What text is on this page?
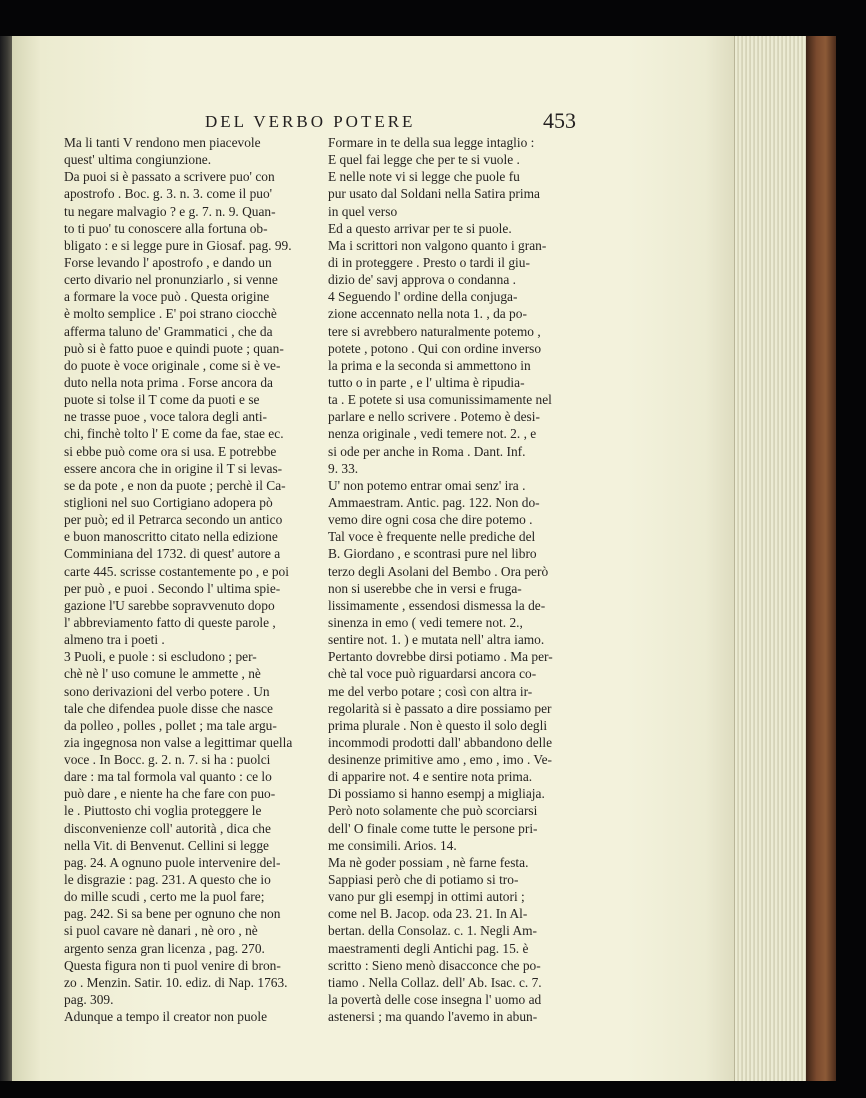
DEL VERBO POTERE	453
Ma li tanti V rendono men piacevole
quest' ultima congiunzione.
Da puoi si è passato a scrivere puo' con
apostrofo . Boc. g. 3. n. 3. come il puo'
tu negare malvagio ? e g. 7. n. 9. Quan-
to ti puo' tu conoscere alla fortuna ob-
bligato : e si legge pure in Giosaf. pag. 99.
Forse levando l' apostrofo , e dando un
certo divario nel pronunziarlo , si venne
a formare la voce può . Questa origine
è molto semplice . E' poi strano ciocchè
afferma taluno de' Grammatici , che da
può si è fatto puoe e quindi puote ; quan-
do puote è voce originale , come si è ve-
duto nella nota prima . Forse ancora da
puote si tolse il T come da puoti e se
ne trasse puoe , voce talora degli anti-
chi, finchè tolto l' E come da fae, stae ec.
si ebbe può come ora si usa. E potrebbe
essere ancora che in origine il T si levas-
se da pote , e non da puote ; perchè il Ca-
stiglioni nel suo Cortigiano adopera pò
per può; ed il Petrarca secondo un antico
e buon manoscritto citato nella edizione
Comminiana del 1732. di quest' autore a
carte 445. scrisse costantemente po , e poi
per può , e puoi . Secondo l' ultima spie-
gazione l'U sarebbe sopravvenuto dopo
l' abbreviamento fatto di queste parole ,
almeno tra i poeti .
3 Puoli, e puole : si escludono ; per-
chè nè l' uso comune le ammette , nè
sono derivazioni del verbo potere . Un
tale che difendea puole disse che nasce
da polleo , polles , pollet ; ma tale argu-
zia ingegnosa non valse a legittimar quella
voce . In Bocc. g. 2. n. 7. si ha : puolci
dare : ma tal formola val quanto : ce lo
può dare , e niente ha che fare con puo-
le . Piuttosto chi voglia proteggere le
disconvenienze coll' autorità , dica che
nella Vit. di Benvenut. Cellini si legge
pag. 24. A ognuno puole intervenire del-
le disgrazie : pag. 231. A questo che io
do mille scudi , certo me la puol fare;
pag. 242. Si sa bene per ognuno che non
si puol cavare nè danari , nè oro , nè
argento senza gran licenza , pag. 270.
Questa figura non ti puol venire di bron-
zo . Menzin. Satir. 10. ediz. di Nap. 1763.
pag. 309.
Adunque a tempo il creator non puole
Formare in te della sua legge intaglio :
E quel fai legge che per te si vuole .
E nelle note vi si legge che puole fu
pur usato dal Soldani nella Satira prima
in quel verso
Ed a questo arrivar per te si puole.
Ma i scrittori non valgono quanto i gran-
di in proteggere . Presto o tardi il giu-
dizio de' savj approva o condanna .
4 Seguendo l' ordine della conjuga-
zione accennato nella nota 1. , da po-
tere si avrebbero naturalmente potemo ,
potete , potono . Qui con ordine inverso
la prima e la seconda si ammettono in
tutto o in parte , e l' ultima è ripudia-
ta . E potete si usa comunissimamente nel
parlare e nello scrivere . Potemo è desi-
nenza originale , vedi temere not. 2. , e
si ode per anche in Roma . Dant. Inf.
9. 33.
U' non potemo entrar omai senz' ira .
Ammaestram. Antic. pag. 122. Non do-
vemo dire ogni cosa che dire potemo .
Tal voce è frequente nelle prediche del
B. Giordano , e scontrasi pure nel libro
terzo degli Asolani del Bembo . Ora però
non si userebbe che in versi e fruga-
lissimamente , essendosi dismessa la de-
sinenza in emo ( vedi temere not. 2.,
sentire not. 1. ) e mutata nell' altra iamo.
Pertanto dovrebbe dirsi potiamo . Ma per-
chè tal voce può riguardarsi ancora co-
me del verbo potare ; così con altra ir-
regolarità si è passato a dire possiamo per
prima plurale . Non è questo il solo degli
incommodi prodotti dall' abbandono delle
desinenze primitive amo , emo , imo . Ve-
di apparire not. 4 e sentire nota prima.
Di possiamo si hanno esempj a migliaja.
Però noto solamente che può scorciarsi
dell' O finale come tutte le persone pri-
me consimili. Arios. 14.
Ma nè goder possiam , nè farne festa.
Sappiasi però che di potiamo si tro-
vano pur gli esempj in ottimi autori ;
come nel B. Jacop. oda 23. 21. In Al-
bertan. della Consolaz. c. 1. Negli Am-
maestramenti degli Antichi pag. 15. è
scritto : Sieno menò disacconce che po-
tiamo . Nella Collaz. dell' Ab. Isac. c. 7.
la povertà delle cose insegna l' uomo ad
astenersi ; ma quando l'avemo in abun-
